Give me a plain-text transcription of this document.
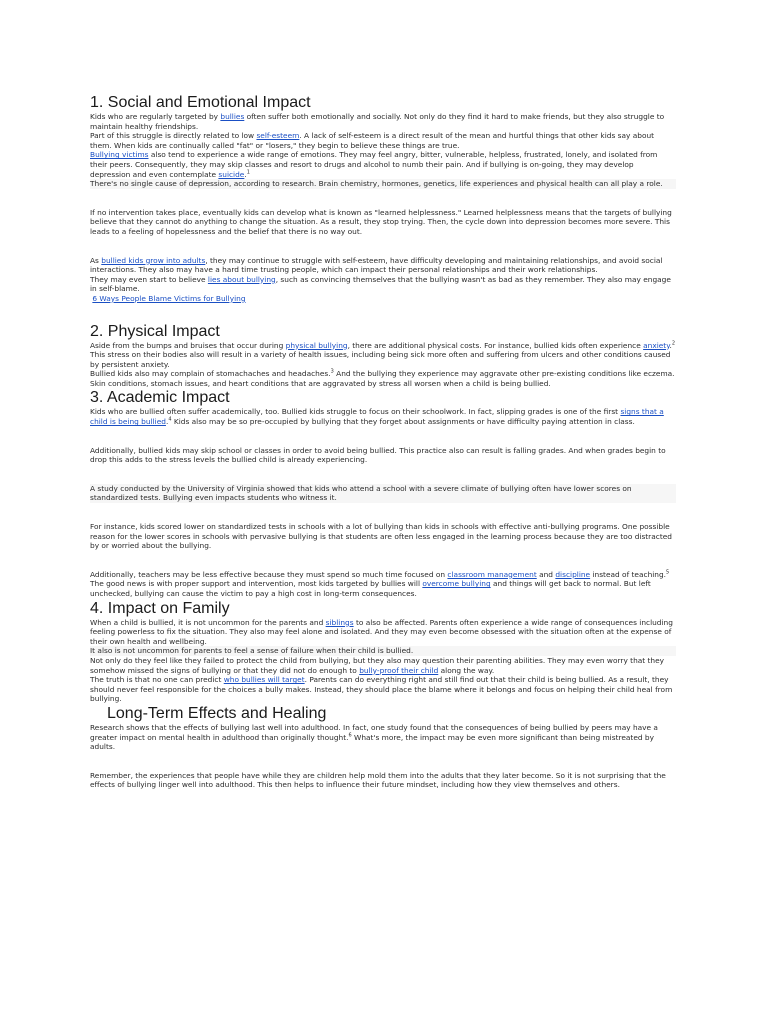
1. Social and Emotional Impact

Kids who are regularly targeted by bullies often suffer both emotionally and socially. Not only do they find it hard to make friends, but they also struggle to maintain healthy friendships.

Part of this struggle is directly related to low self-esteem. A lack of self-esteem is a direct result of the mean and hurtful things that other kids say about them. When kids are continually called "fat" or "losers," they begin to believe these things are true.

Bullying victims also tend to experience a wide range of emotions. They may feel angry, bitter, vulnerable, helpless, frustrated, lonely, and isolated from their peers. Consequently, they may skip classes and resort to drugs and alcohol to numb their pain. And if bullying is on-going, they may develop depression and even contemplate suicide.$^1$

There's no single cause of depression, according to research. Brain chemistry, hormones, genetics, life experiences and physical health can all play a role.

If no intervention takes place, eventually kids can develop what is known as "learned helplessness." Learned helplessness means that the targets of bullying believe that they cannot do anything to change the situation. As a result, they stop trying. Then, the cycle down into depression becomes more severe. This leads to a feeling of hopelessness and the belief that there is no way out.

As bullied kids grow into adults, they may continue to struggle with self-esteem, have difficulty developing and maintaining relationships, and avoid social interactions. They also may have a hard time trusting people, which can impact their personal relationships and their work relationships.

They may even start to believe lies about bullying, such as convincing themselves that the bullying wasn't as bad as they remember. They also may engage in self-blame.

6 Ways People Blame Victims for Bullying

2. Physical Impact

Aside from the bumps and bruises that occur during physical bullying, there are additional physical costs. For instance, bullied kids often experience anxiety.$^2$ This stress on their bodies also will result in a variety of health issues, including being sick more often and suffering from ulcers and other conditions caused by persistent anxiety.

Bullied kids also may complain of stomachaches and headaches.$^3$ And the bullying they experience may aggravate other pre-existing conditions like eczema. Skin conditions, stomach issues, and heart conditions that are aggravated by stress all worsen when a child is being bullied.

3. Academic Impact

Kids who are bullied often suffer academically, too. Bullied kids struggle to focus on their schoolwork. In fact, slipping grades is one of the first signs that a child is being bullied.$^4$ Kids also may be so pre-occupied by bullying that they forget about assignments or have difficulty paying attention in class.

Additionally, bullied kids may skip school or classes in order to avoid being bullied. This practice also can result is falling grades. And when grades begin to drop this adds to the stress levels the bullied child is already experiencing.

A study conducted by the University of Virginia showed that kids who attend a school with a severe climate of bullying often have lower scores on standardized tests. Bullying even impacts students who witness it.

For instance, kids scored lower on standardized tests in schools with a lot of bullying than kids in schools with effective anti-bullying programs. One possible reason for the lower scores in schools with pervasive bullying is that students are often less engaged in the learning process because they are too distracted by or worried about the bullying.

Additionally, teachers may be less effective because they must spend so much time focused on classroom management and discipline instead of teaching.$^5$ The good news is with proper support and intervention, most kids targeted by bullies will overcome bullying and things will get back to normal. But left unchecked, bullying can cause the victim to pay a high cost in long-term consequences.

4. Impact on Family

When a child is bullied, it is not uncommon for the parents and siblings to also be affected. Parents often experience a wide range of consequences including feeling powerless to fix the situation. They also may feel alone and isolated. And they may even become obsessed with the situation often at the expense of their own health and wellbeing.

It also is not uncommon for parents to feel a sense of failure when their child is bullied.

Not only do they feel like they failed to protect the child from bullying, but they also may question their parenting abilities. They may even worry that they somehow missed the signs of bullying or that they did not do enough to bully-proof their child along the way.

The truth is that no one can predict who bullies will target. Parents can do everything right and still find out that their child is being bullied. As a result, they should never feel responsible for the choices a bully makes. Instead, they should place the blame where it belongs and focus on helping their child heal from bullying.

Long-Term Effects and Healing

Research shows that the effects of bullying last well into adulthood. In fact, one study found that the consequences of being bullied by peers may have a greater impact on mental health in adulthood than originally thought.$^6$ What's more, the impact may be even more significant than being mistreated by adults.

Remember, the experiences that people have while they are children help mold them into the adults that they later become. So it is not surprising that the effects of bullying linger well into adulthood. This then helps to influence their future mindset, including how they view themselves and others.
